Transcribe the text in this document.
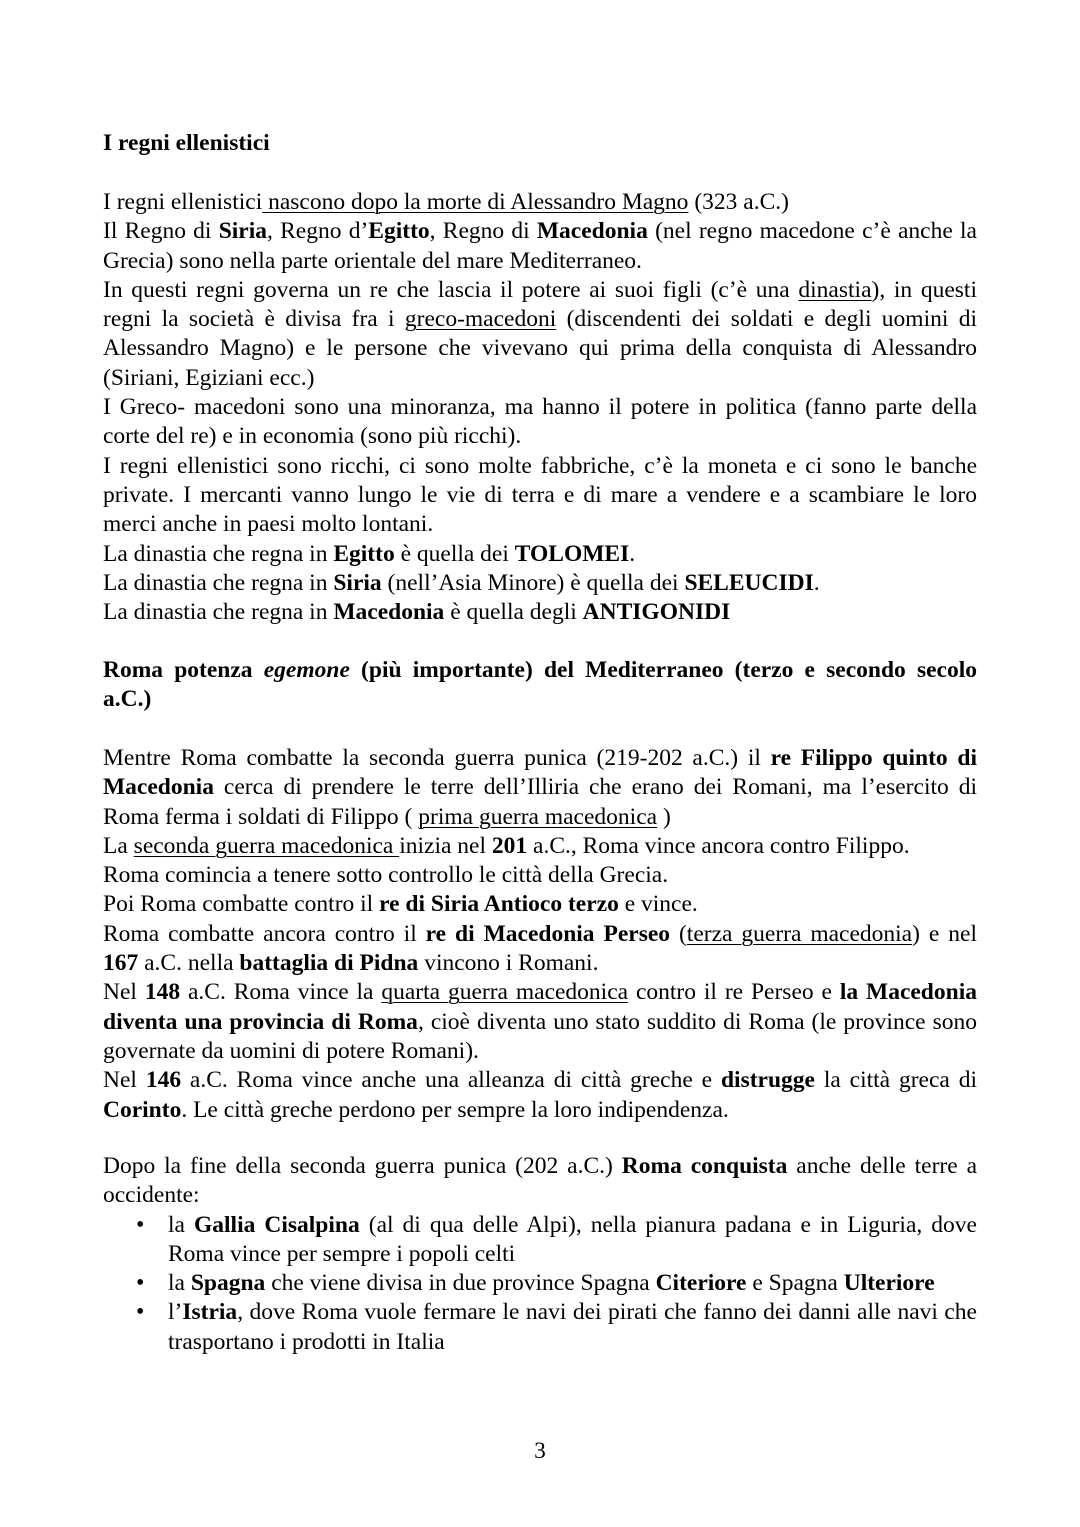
I regni ellenistici

I regni ellenistici nascono dopo la morte di Alessandro Magno (323 a.C.)

Il Regno di Siria, Regno d’Egitto, Regno di Macedonia (nel regno macedone c’è anche la Grecia) sono nella parte orientale del mare Mediterraneo.

In questi regni governa un re che lascia il potere ai suoi figli (c’è una dinastia), in questi regni la società è divisa fra i greco-macedoni (discendenti dei soldati e degli uomini di Alessandro Magno) e le persone che vivevano qui prima della conquista di Alessandro (Siriani, Egiziani ecc.)

I Greco- macedoni sono una minoranza, ma hanno il potere in politica (fanno parte della corte del re) e in economia (sono più ricchi).

I regni ellenistici sono ricchi, ci sono molte fabbriche, c’è la moneta e ci sono le banche private. I mercanti vanno lungo le vie di terra e di mare a vendere e a scambiare le loro merci anche in paesi molto lontani.

La dinastia che regna in Egitto è quella dei TOLOMEI.

La dinastia che regna in Siria (nell’Asia Minore) è quella dei SELEUCIDI.

La dinastia che regna in Macedonia è quella degli ANTIGONIDI

Roma potenza egemone (più importante) del Mediterraneo (terzo e secondo secolo a.C.)

Mentre Roma combatte la seconda guerra punica (219-202 a.C.) il re Filippo quinto di Macedonia cerca di prendere le terre dell’Illiria che erano dei Romani, ma l’esercito di Roma ferma i soldati di Filippo ( prima guerra macedonica )

La seconda guerra macedonica inizia nel 201 a.C., Roma vince ancora contro Filippo.

Roma comincia a tenere sotto controllo le città della Grecia.

Poi Roma combatte contro il re di Siria Antioco terzo e vince.

Roma combatte ancora contro il re di Macedonia Perseo (terza guerra macedonia) e nel 167 a.C. nella battaglia di Pidna vincono i Romani.

Nel 148 a.C. Roma vince la quarta guerra macedonica contro il re Perseo e la Macedonia diventa una provincia di Roma, cioè diventa uno stato suddito di Roma (le province sono governate da uomini di potere Romani).

Nel 146 a.C. Roma vince anche una alleanza di città greche e distrugge la città greca di Corinto. Le città greche perdono per sempre la loro indipendenza.

Dopo la fine della seconda guerra punica (202 a.C.) Roma conquista anche delle terre a occidente:

• la Gallia Cisalpina (al di qua delle Alpi), nella pianura padana e in Liguria, dove Roma vince per sempre i popoli celti
• la Spagna che viene divisa in due province Spagna Citeriore e Spagna Ulteriore
• l’Istria, dove Roma vuole fermare le navi dei pirati che fanno dei danni alle navi che trasportano i prodotti in Italia
3
